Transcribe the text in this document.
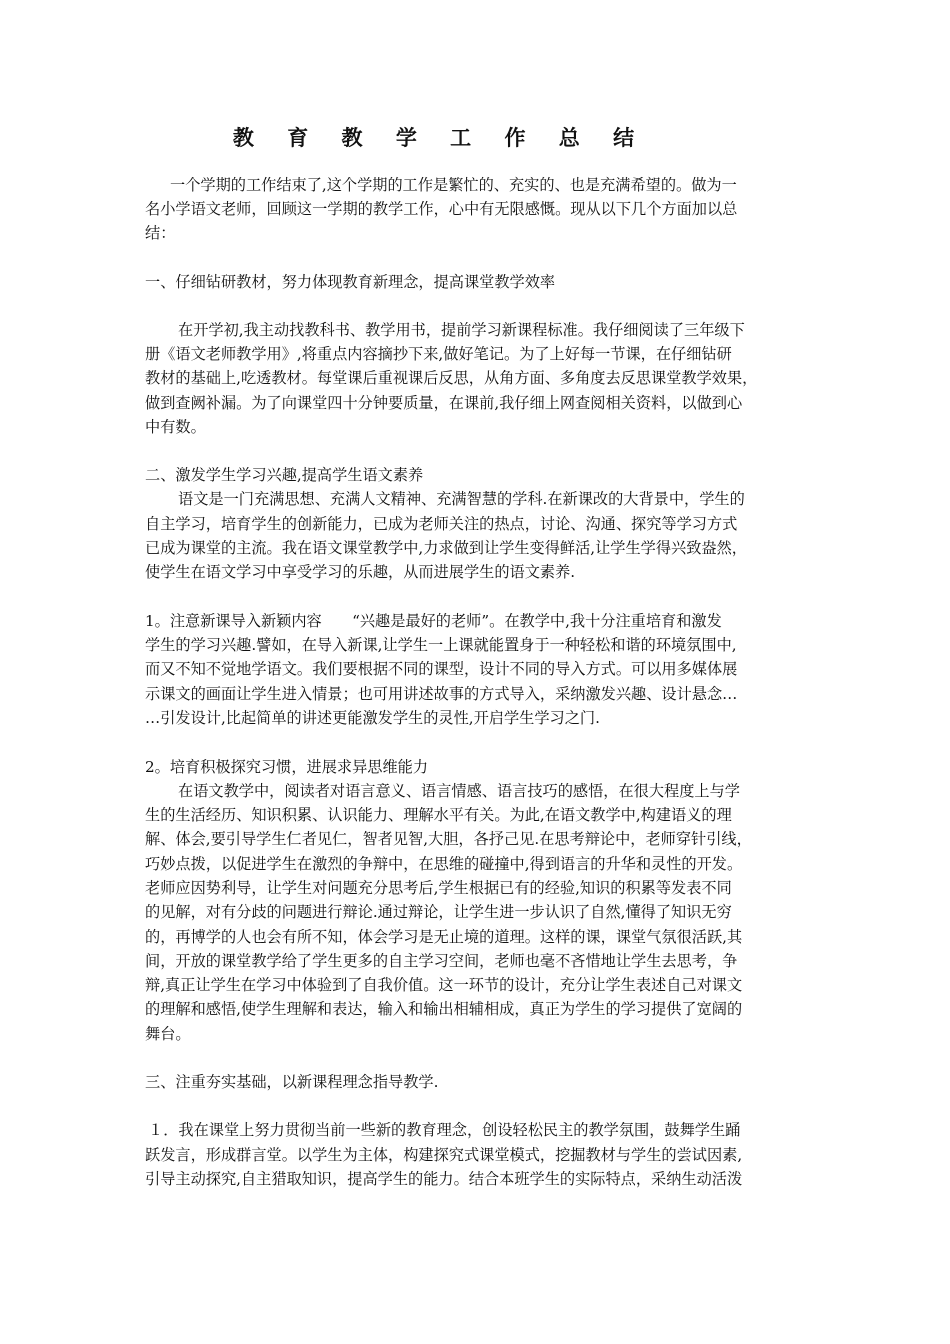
教 育 教 学 工 作 总 结
一个学期的工作结束了,这个学期的工作是繁忙的、充实的、也是充满希望的。做为一
名小学语文老师，回顾这一学期的教学工作，心中有无限感慨。现从以下几个方面加以总
结：
一、仔细钻研教材，努力体现教育新理念，提高课堂教学效率
在开学初,我主动找教科书、教学用书，提前学习新课程标准。我仔细阅读了三年级下
册《语文老师教学用》,将重点内容摘抄下来,做好笔记。为了上好每一节课，在仔细钻研
教材的基础上,吃透教材。每堂课后重视课后反思，从角方面、多角度去反思课堂教学效果，
做到查阙补漏。为了向课堂四十分钟要质量，在课前,我仔细上网查阅相关资料，以做到心
中有数。
二、激发学生学习兴趣,提高学生语文素养
语文是一门充满思想、充满人文精神、充满智慧的学科.在新课改的大背景中，学生的
自主学习，培育学生的创新能力，已成为老师关注的热点，讨论、沟通、探究等学习方式
已成为课堂的主流。我在语文课堂教学中,力求做到让学生变得鲜活,让学生学得兴致盎然，
使学生在语文学习中享受学习的乐趣，从而进展学生的语文素养.
1。注意新课导入新颖内容　　“兴趣是最好的老师”。在教学中,我十分注重培育和激发
学生的学习兴趣.譬如，在导入新课,让学生一上课就能置身于一种轻松和谐的环境氛围中,
而又不知不觉地学语文。我们要根据不同的课型，设计不同的导入方式。可以用多媒体展
示课文的画面让学生进入情景；也可用讲述故事的方式导入，采纳激发兴趣、设计悬念…
…引发设计,比起简单的讲述更能激发学生的灵性,开启学生学习之门.
2。培育积极探究习惯，进展求异思维能力
在语文教学中，阅读者对语言意义、语言情感、语言技巧的感悟，在很大程度上与学
生的生活经历、知识积累、认识能力、理解水平有关。为此,在语文教学中,构建语义的理
解、体会,要引导学生仁者见仁，智者见智,大胆，各抒己见.在思考辩论中，老师穿针引线，
巧妙点拨，以促进学生在激烈的争辩中，在思维的碰撞中,得到语言的升华和灵性的开发。
老师应因势利导，让学生对问题充分思考后,学生根据已有的经验,知识的积累等发表不同
的见解，对有分歧的问题进行辩论.通过辩论，让学生进一步认识了自然,懂得了知识无穷
的，再博学的人也会有所不知，体会学习是无止境的道理。这样的课，课堂气氛很活跃,其
间，开放的课堂教学给了学生更多的自主学习空间，老师也毫不吝惜地让学生去思考，争
辩,真正让学生在学习中体验到了自我价值。这一环节的设计，充分让学生表述自己对课文
的理解和感悟,使学生理解和表达，输入和输出相辅相成，真正为学生的学习提供了宽阔的
舞台。
三、注重夯实基础，以新课程理念指导教学.
１．我在课堂上努力贯彻当前一些新的教育理念，创设轻松民主的教学氛围，鼓舞学生踊
跃发言，形成群言堂。以学生为主体，构建探究式课堂模式，挖掘教材与学生的尝试因素,
引导主动探究,自主猎取知识，提高学生的能力。结合本班学生的实际特点，采纳生动活泼
